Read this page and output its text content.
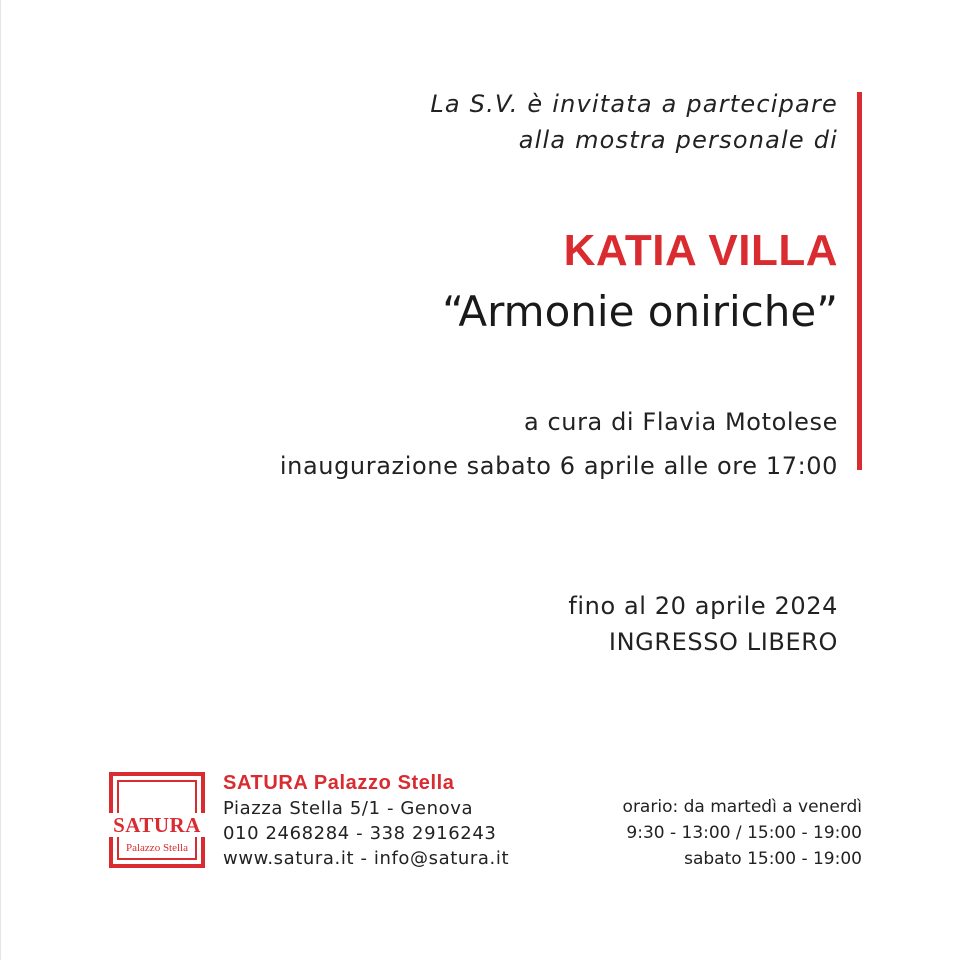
La S.V. è invitata a partecipare
alla mostra personale di
KATIA VILLA
“Armonie oniriche”
a cura di Flavia Motolese
inaugurazione sabato 6 aprile alle ore 17:00
fino al 20 aprile 2024
INGRESSO LIBERO
SATURA
Palazzo Stella
SATURA Palazzo Stella
Piazza Stella 5/1 - Genova
010 2468284 - 338 2916243
www.satura.it - info@satura.it
orario: da martedì a venerdì
9:30 - 13:00 / 15:00 - 19:00
sabato 15:00 - 19:00
